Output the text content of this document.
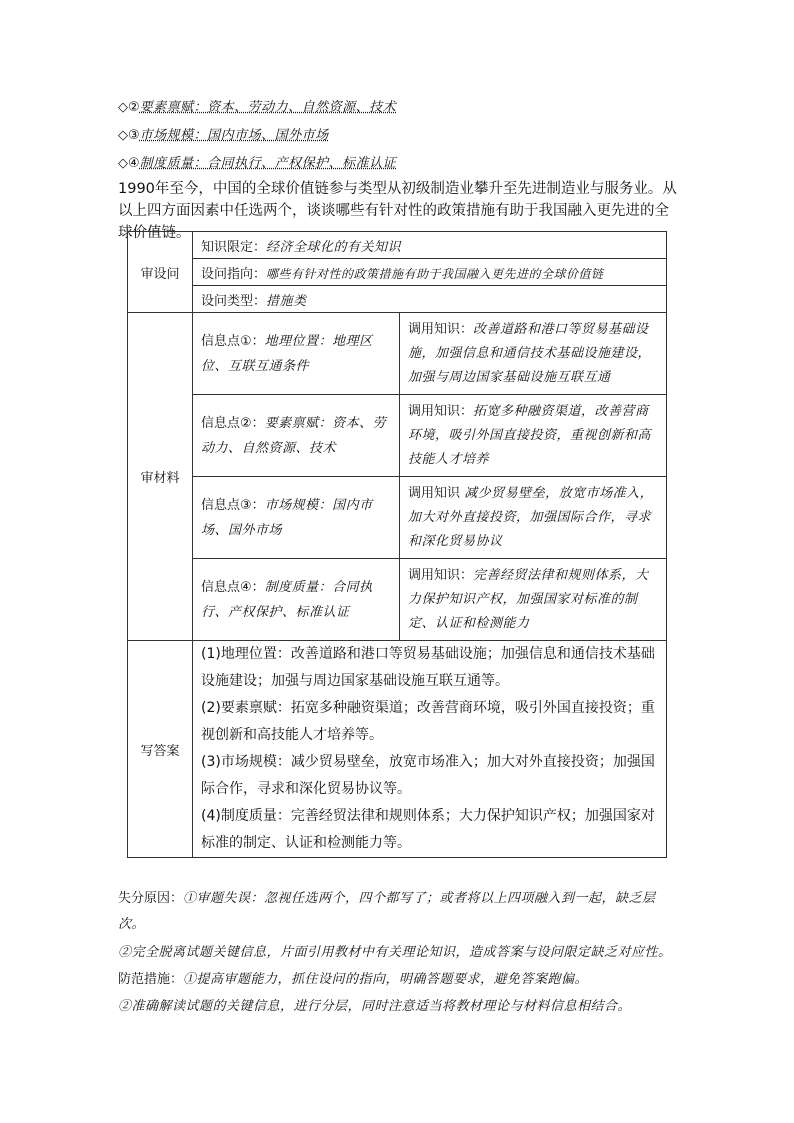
◇②要素禀赋：资本、劳动力、自然资源、技术
◇③市场规模：国内市场、国外市场
◇④制度质量：合同执行、产权保护、标准认证
1990年至今，中国的全球价值链参与类型从初级制造业攀升至先进制造业与服务业。从以上四方面因素中任选两个，谈谈哪些有针对性的政策措施有助于我国融入更先进的全球价值链。
审设问	知识限定：经济全球化的有关知识	
	设问指向：哪些有针对性的政策措施有助于我国融入更先进的全球价值链	
	设问类型：措施类	
审材料	信息点①：地理位置：地理区位、互联互通条件	调用知识：改善道路和港口等贸易基础设施，加强信息和通信技术基础设施建设，加强与周边国家基础设施互联互通
	信息点②：要素禀赋：资本、劳动力、自然资源、技术	调用知识：拓宽多种融资渠道，改善营商环境，吸引外国直接投资，重视创新和高技能人才培养
	信息点③：市场规模：国内市场、国外市场	调用知识 减少贸易壁垒，放宽市场准入，加大对外直接投资，加强国际合作，寻求和深化贸易协议
	信息点④：制度质量：合同执行、产权保护、标准认证	调用知识：完善经贸法律和规则体系，大力保护知识产权，加强国家对标准的制定、认证和检测能力
写答案	(1)地理位置：改善道路和港口等贸易基础设施；加强信息和通信技术基础设施建设；加强与周边国家基础设施互联互通等。
(2)要素禀赋：拓宽多种融资渠道；改善营商环境，吸引外国直接投资；重视创新和高技能人才培养等。
(3)市场规模：减少贸易壁垒，放宽市场准入；加大对外直接投资；加强国际合作，寻求和深化贸易协议等。
(4)制度质量：完善经贸法律和规则体系；大力保护知识产权；加强国家对标准的制定、认证和检测能力等。	
失分原因：①审题失误：忽视任选两个，四个都写了；或者将以上四项融入到一起，缺乏层次。
②完全脱离试题关键信息，片面引用教材中有关理论知识，造成答案与设问限定缺乏对应性。
防范措施：①提高审题能力，抓住设问的指向，明确答题要求，避免答案跑偏。
②准确解读试题的关键信息，进行分层，同时注意适当将教材理论与材料信息相结合。
